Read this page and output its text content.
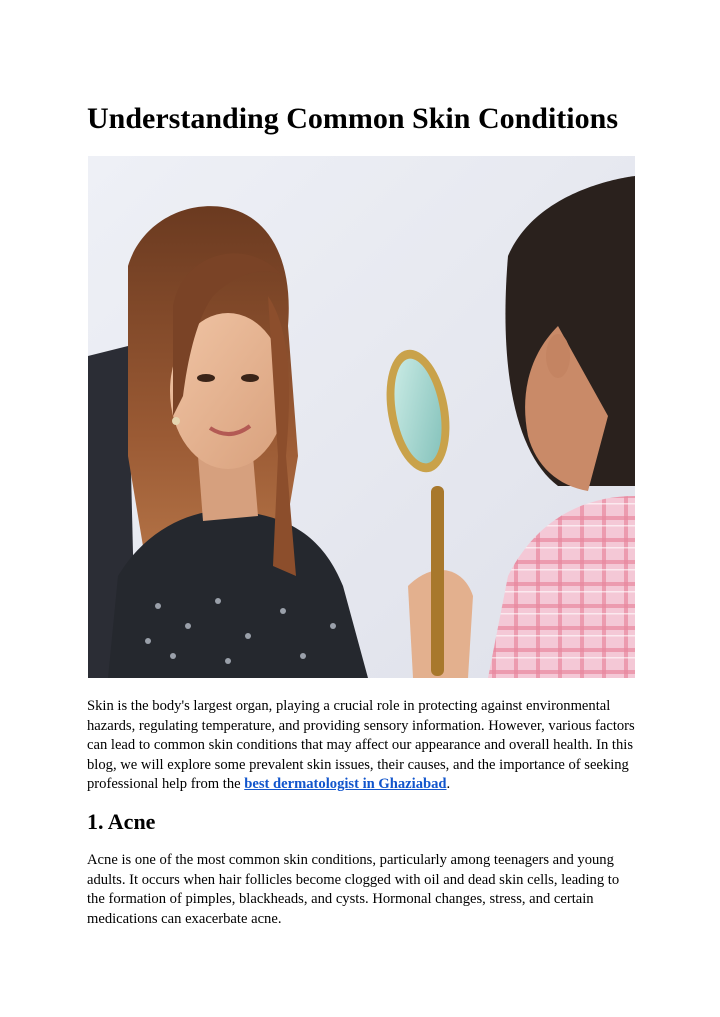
Understanding Common Skin Conditions

Skin is the body's largest organ, playing a crucial role in protecting against environmental hazards, regulating temperature, and providing sensory information. However, various factors can lead to common skin conditions that may affect our appearance and overall health. In this blog, we will explore some prevalent skin issues, their causes, and the importance of seeking professional help from the best dermatologist in Ghaziabad.

1. Acne

Acne is one of the most common skin conditions, particularly among teenagers and young adults. It occurs when hair follicles become clogged with oil and dead skin cells, leading to the formation of pimples, blackheads, and cysts. Hormonal changes, stress, and certain medications can exacerbate acne.
